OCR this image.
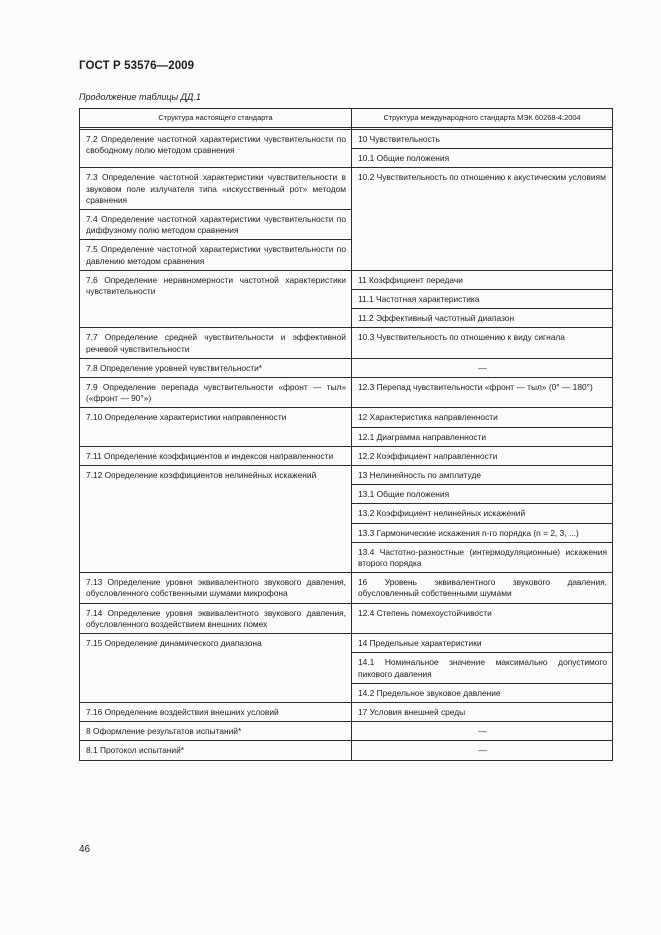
ГОСТ Р 53576—2009
Продолжение таблицы ДД.1
Структура настоящего стандарта	Структура международного стандарта МЭК 60268-4:2004

7.2 Определение частотной характеристики чувствительности по свободному полю методом сравнения	10 Чувствительность
	10.1 Общие положения
7.3 Определение частотной характеристики чувствительности в звуковом поле излучателя типа «искусственный рот» методом сравнения	10.2 Чувствительность по отношению к акустическим условиям
7.4 Определение частотной характеристики чувствительности по диффузному полю методом сравнения	
7.5 Определение частотной характеристики чувствительности по давлению методом сравнения	
7.6 Определение неравномерности частотной характеристики чувствительности	11 Коэффициент передачи
	11.1 Частотная характеристика
	11.2 Эффективный частотный диапазон
7.7 Определение средней чувствительности и эффективной речевой чувствительности	10.3 Чувствительность по отношению к виду сигнала
7.8 Определение уровней чувствительности*	—
7.9 Определение перепада чувствительности «фронт — тыл» («фронт — 90°»)	12.3 Перепад чувствительности «фронт — тыл» (0° — 180°)
7.10 Определение характеристики направленности	12 Характеристика направленности
	12.1 Диаграмма направленности
7.11 Определение коэффициентов и индексов направленности	12.2 Коэффициент направленности
7.12 Определение коэффициентов нелинейных искажений	13 Нелинейность по амплитуде
	13.1 Общие положения
	13.2 Коэффициент нелинейных искажений
	13.3 Гармонические искажения n-го порядка (n = 2, 3, ...)
	13.4 Частотно-разностные (интермодуляционные) искажения второго порядка
7.13 Определение уровня эквивалентного звукового давления, обусловленного собственными шумами микрофона	16 Уровень эквивалентного звукового давления, обусловленный собственными шумами
7.14 Определение уровня эквивалентного звукового давления, обусловленного воздействием внешних помех	12.4 Степень помехоустойчивости
7.15 Определение динамического диапазона	14 Предельные характеристики
	14.1 Номинальное значение максимально допустимого пикового давления
	14.2 Предельное звуковое давление
7.16 Определение воздействия внешних условий	17 Условия внешней среды
8 Оформление результатов испытаний*	—
8.1 Протокол испытаний*	—
46
